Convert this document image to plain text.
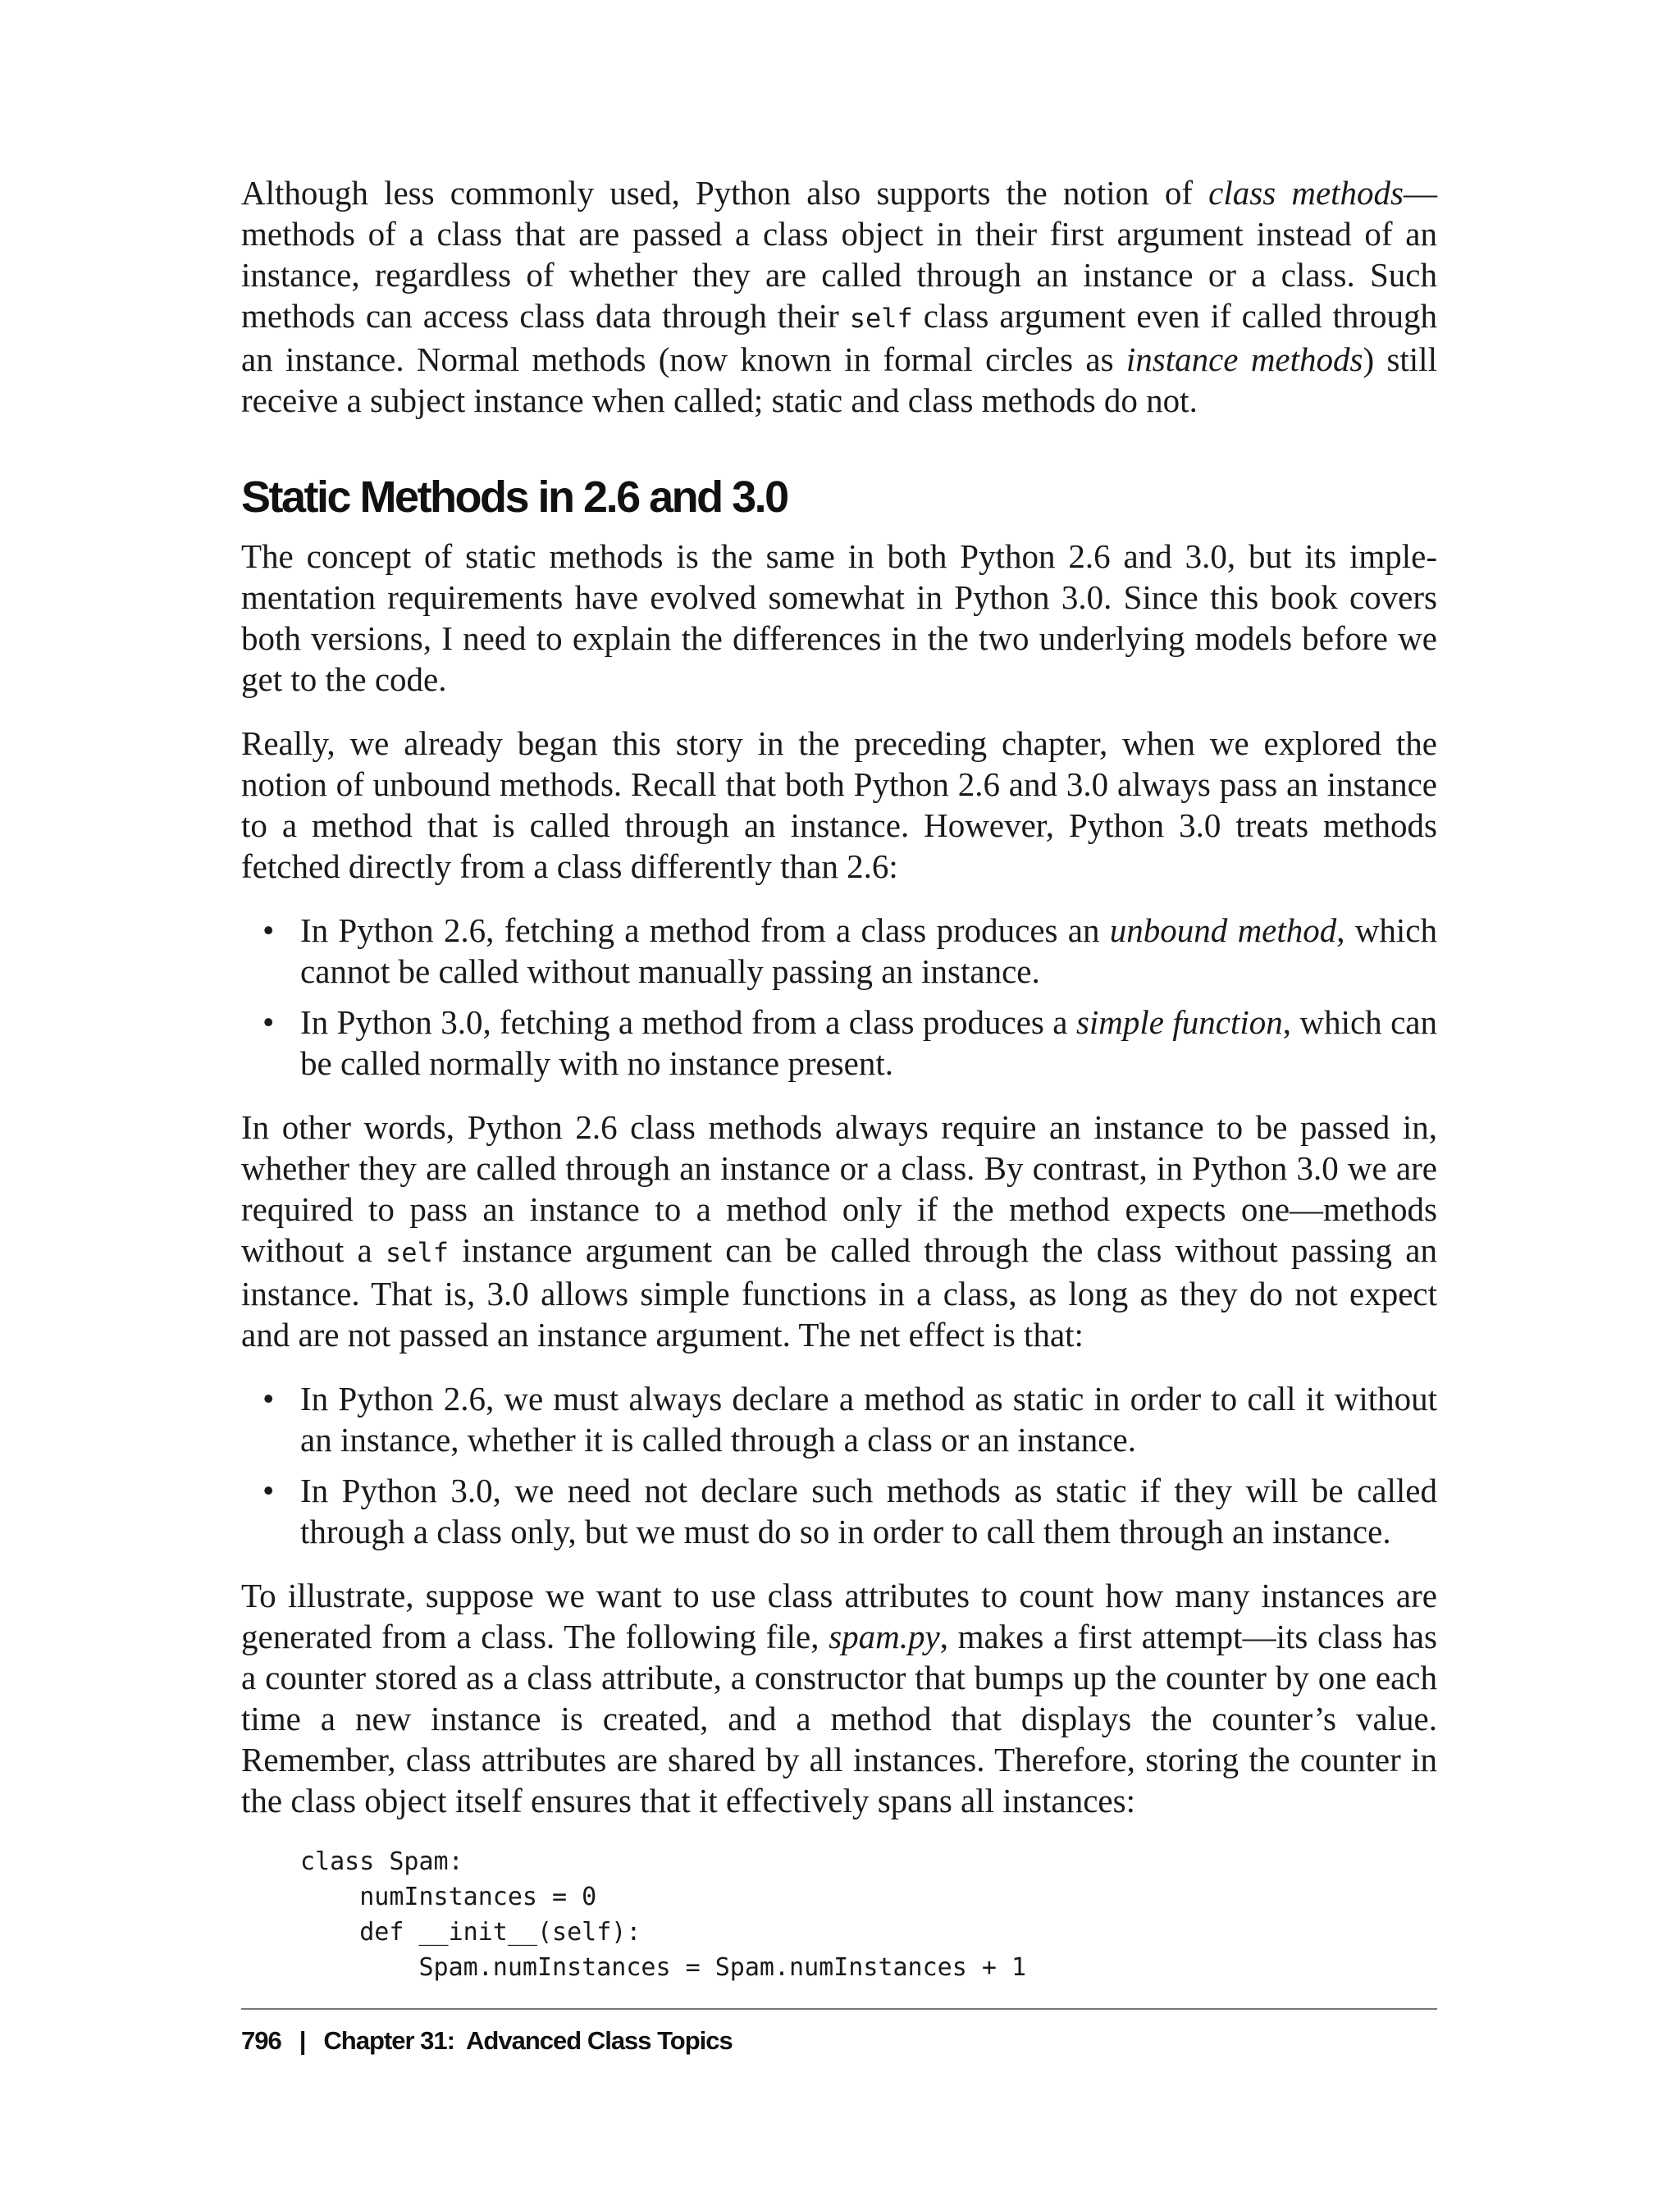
Although less commonly used, Python also supports the notion of class methods—methods of a class that are passed a class object in their first argument instead of an instance, regardless of whether they are called through an instance or a class. Such methods can access class data through their self class argument even if called through an instance. Normal methods (now known in formal circles as instance methods) still receive a subject instance when called; static and class methods do not.

Static Methods in 2.6 and 3.0

The concept of static methods is the same in both Python 2.6 and 3.0, but its implementation requirements have evolved somewhat in Python 3.0. Since this book covers both versions, I need to explain the differences in the two underlying models before we get to the code.

Really, we already began this story in the preceding chapter, when we explored the notion of unbound methods. Recall that both Python 2.6 and 3.0 always pass an instance to a method that is called through an instance. However, Python 3.0 treats methods fetched directly from a class differently than 2.6:

• In Python 2.6, fetching a method from a class produces an unbound method, which cannot be called without manually passing an instance.
• In Python 3.0, fetching a method from a class produces a simple function, which can be called normally with no instance present.

In other words, Python 2.6 class methods always require an instance to be passed in, whether they are called through an instance or a class. By contrast, in Python 3.0 we are required to pass an instance to a method only if the method expects one—methods without a self instance argument can be called through the class without passing an instance. That is, 3.0 allows simple functions in a class, as long as they do not expect and are not passed an instance argument. The net effect is that:

• In Python 2.6, we must always declare a method as static in order to call it without an instance, whether it is called through a class or an instance.
• In Python 3.0, we need not declare such methods as static if they will be called through a class only, but we must do so in order to call them through an instance.

To illustrate, suppose we want to use class attributes to count how many instances are generated from a class. The following file, spam.py, makes a first attempt—its class has a counter stored as a class attribute, a constructor that bumps up the counter by one each time a new instance is created, and a method that displays the counter’s value. Remember, class attributes are shared by all instances. Therefore, storing the counter in the class object itself ensures that it effectively spans all instances:

class Spam:
numInstances = 0
def __init__(self):
Spam.numInstances = Spam.numInstances + 1
796 | Chapter 31:  Advanced Class Topics
